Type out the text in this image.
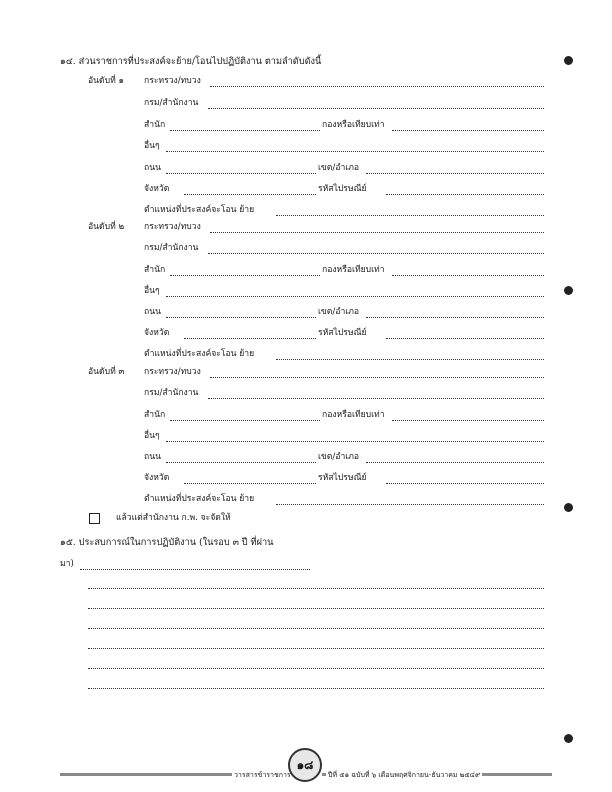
๑๔. ส่วนราชการที่ประสงค์จะย้าย/โอนไปปฏิบัติงาน ตามลำดับดังนี้
อันดับที่ ๑ กระทรวง/ทบวง
กรม/สำนักงาน
สำนัก	กองหรือเทียบเท่า
อื่นๆ
ถนน	เขต/อำเภอ
จังหวัด	รหัสไปรษณีย์
ตำแหน่งที่ประสงค์จะโอน ย้าย
อันดับที่ ๒ กระทรวง/ทบวง
กรม/สำนักงาน
สำนัก	กองหรือเทียบเท่า
อื่นๆ
ถนน	เขต/อำเภอ
จังหวัด	รหัสไปรษณีย์
ตำแหน่งที่ประสงค์จะโอน ย้าย
อันดับที่ ๓ กระทรวง/ทบวง
กรม/สำนักงาน
สำนัก	กองหรือเทียบเท่า
อื่นๆ
ถนน	เขต/อำเภอ
จังหวัด	รหัสไปรษณีย์
ตำแหน่งที่ประสงค์จะโอน ย้าย
แล้วแต่สำนักงาน ก.พ. จะจัดให้
๑๕. ประสบการณ์ในการปฏิบัติงาน (ในรอบ ๓ ปี ที่ผ่าน
มา)
วารสารข้าราชการ
๑๘
ปีที่ ๕๑ ฉบับที่ ๖ เดือนพฤศจิกายน-ธันวาคม ๒๕๔๙
